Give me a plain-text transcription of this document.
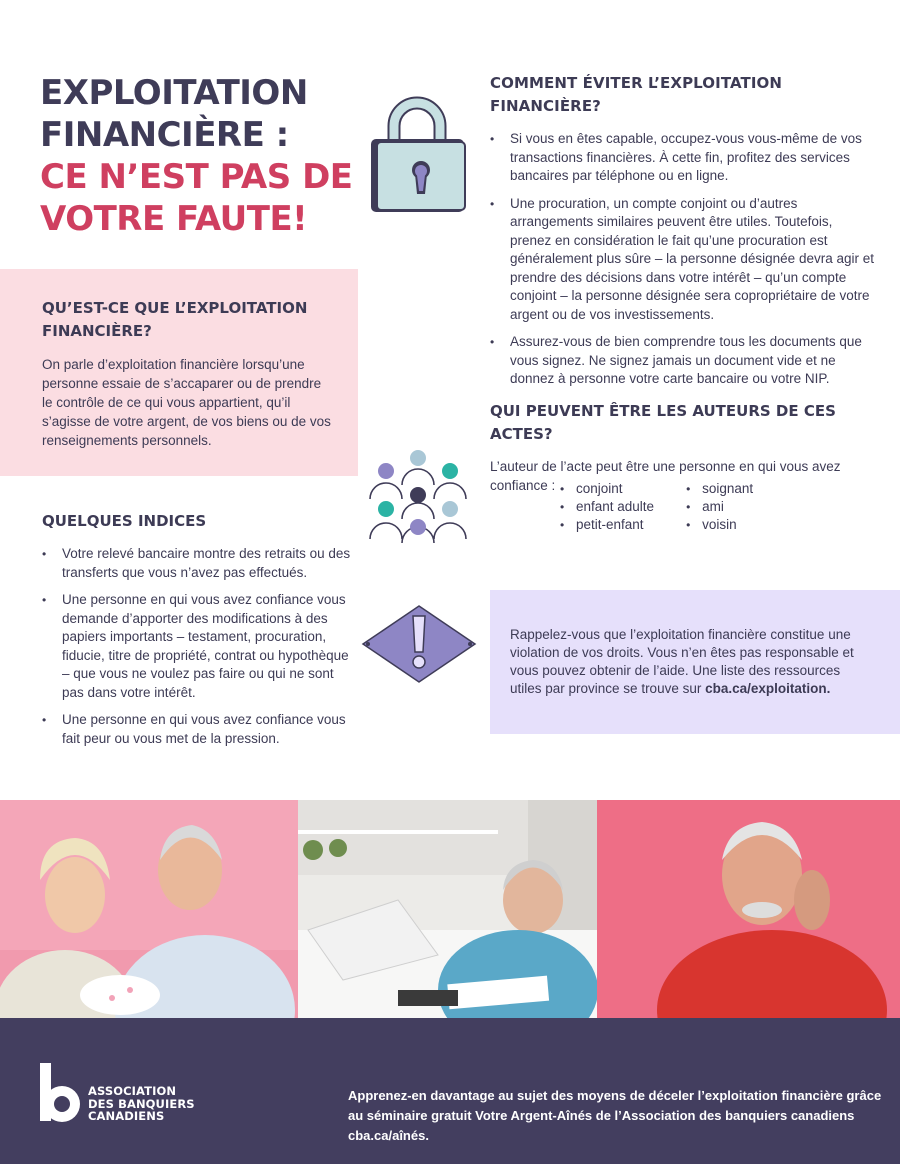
EXPLOITATION
FINANCIÈRE :
CE N’EST PAS DE
VOTRE FAUTE!
QU’EST-CE QUE L’EXPLOITATION FINANCIÈRE?

On parle d’exploitation financière lorsqu’une personne essaie de s’accaparer ou de prendre le contrôle de ce qui vous appartient, qu’il s’agisse de votre argent, de vos biens ou de vos renseignements personnels.

QUELQUES INDICES
• Votre relevé bancaire montre des retraits ou des transferts que vous n’avez pas effectués.
• Une personne en qui vous avez confiance vous demande d’apporter des modifications à des papiers importants – testament, procuration, fiducie, titre de propriété, contrat ou hypothèque – que vous ne voulez pas faire ou qui ne sont pas dans votre intérêt.
• Une personne en qui vous avez confiance vous fait peur ou vous met de la pression.
COMMENT ÉVITER L’EXPLOITATION FINANCIÈRE?
• Si vous en êtes capable, occupez-vous vous-même de vos transactions financières. À cette fin, profitez des services bancaires par téléphone ou en ligne.
• Une procuration, un compte conjoint ou d’autres arrangements similaires peuvent être utiles. Toutefois, prenez en considération le fait qu’une procuration est généralement plus sûre – la personne désignée devra agir et prendre des décisions dans votre intérêt – qu’un compte conjoint – la personne désignée sera copropriétaire de votre argent ou de vos investissements.
• Assurez-vous de bien comprendre tous les documents que vous signez. Ne signez jamais un document vide et ne donnez à personne votre carte bancaire ou votre NIP.
QUI PEUVENT ÊTRE LES AUTEURS DE CES ACTES?

L’auteur de l’acte peut être une personne en qui vous avez confiance :

•	conjoint
• enfant adulte
• petit-enfant
• soignant
• ami
• voisin

Rappelez-vous que l’exploitation financière constitue une violation de vos droits. Vous n’en êtes pas responsable et vous pouvez obtenir de l’aide. Une liste des ressources utiles par province se trouve sur cba.ca/exploitation.

ASSOCIATION
DES BANQUIERS
CANADIENS

Apprenez-en davantage au sujet des moyens de déceler l’exploitation financière grâce au séminaire gratuit Votre Argent-Aînés de l’Association des banquiers canadiens cba.ca/aînés.
